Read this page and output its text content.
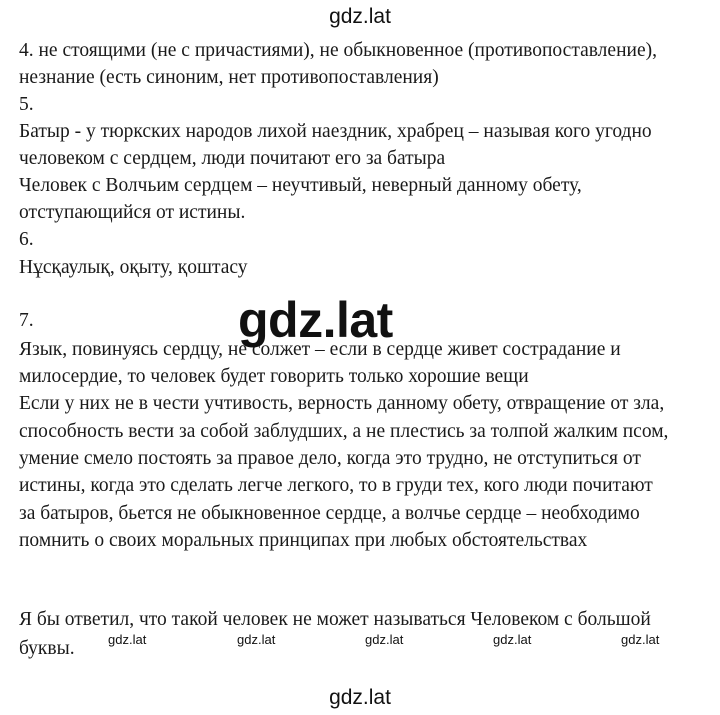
gdz.lat
4. не стоящими (не с причастиями), не обыкновенное (противопоставление),
незнание (есть синоним, нет противопоставления)
5.
Батыр - у тюркских народов лихой наездник, храбрец – называя кого угодно
человеком с сердцем, люди почитают его за батыра
Человек с Волчьим сердцем – неучтивый, неверный данному обету,
отступающийся от истины.
6.
Нұсқаулық, оқыту, қоштасу
7.
Язык, повинуясь сердцу, не солжет – если в сердце живет сострадание и
милосердие, то человек будет говорить только хорошие вещи
Если у них не в чести учтивость, верность данному обету, отвращение от зла,
способность вести за собой заблудших, а не плестись за толпой жалким псом,
умение смело постоять за правое дело, когда это трудно, не отступиться от
истины, когда это сделать легче легкого, то в груди тех, кого люди почитают
за батыров, бьется не обыкновенное сердце, а волчье сердце – необходимо
помнить о своих моральных принципах при любых обстоятельствах
Я бы ответил, что такой человек не может называться Человеком с большой
буквы.
gdz.lat
gdz.lat	gdz.lat	gdz.lat	gdz.lat	gdz.lat
gdz.lat
